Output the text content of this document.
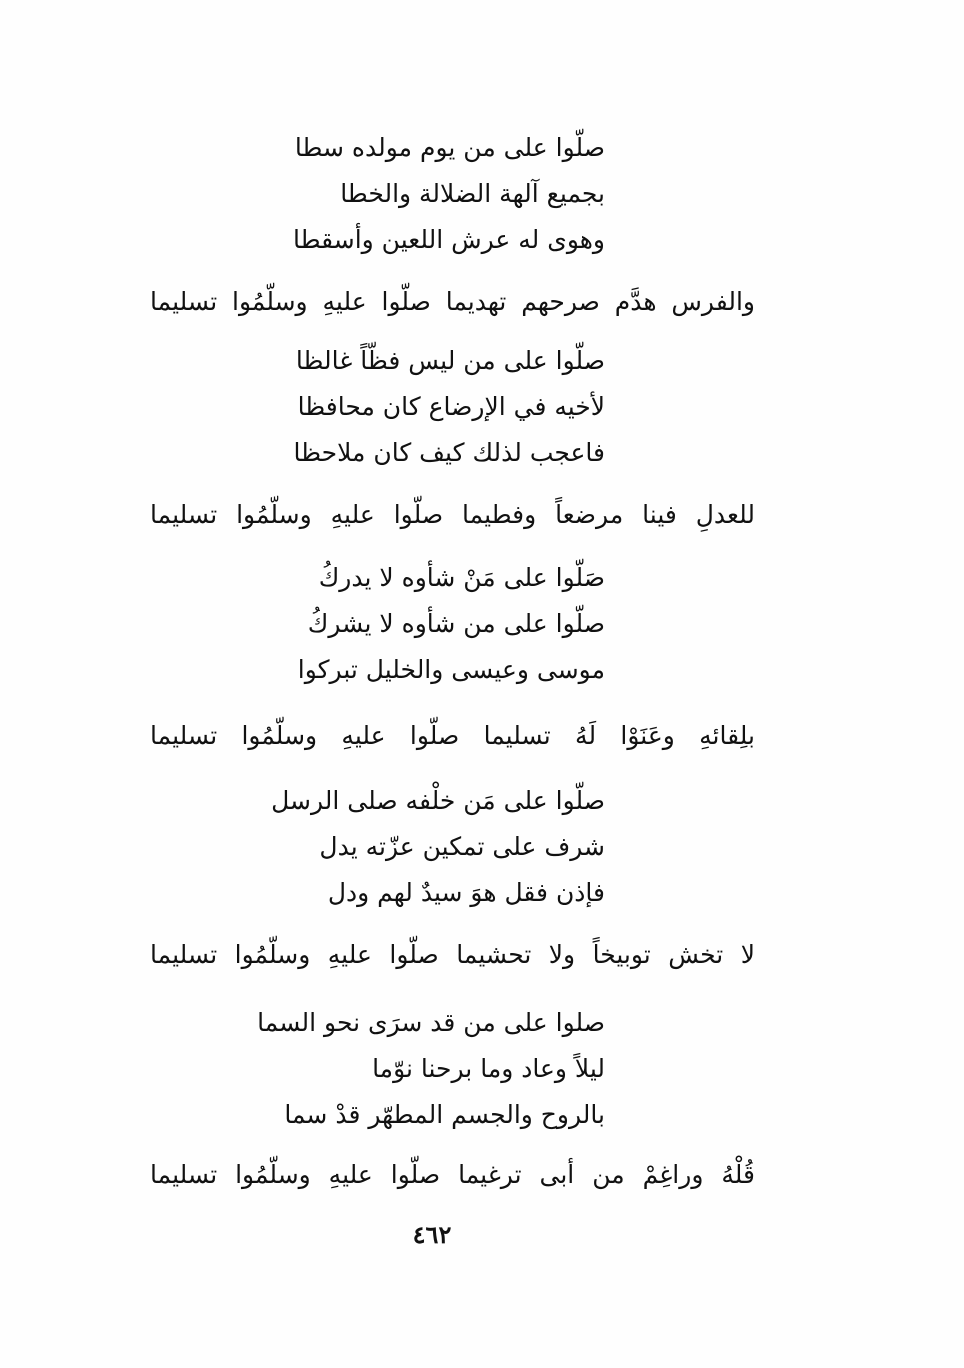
صلّوا على من يوم مولده سطا
بجميع آلهة الضلالة والخطا
وهوى له عرش اللعين وأسقطا
والفرس هدَّم صرحهم تهديما صلّوا عليهِ وسلّمُوا تسليما
صلّوا على من ليس فظّاً غالظا
لأخيه في الإرضاع كان محافظا
فاعجب لذلك كيف كان ملاحظا
للعدلِ فينا مرضعاً وفطيما صلّوا عليهِ وسلّمُوا تسليما
صَلّوا على مَنْ شأوه لا يدركُ
صلّوا على من شأوه لا يشركُ
موسى وعيسى والخليل تبركوا
بلِقائهِ وعَنَوْا لَهُ تسليما صلّوا عليهِ وسلّمُوا تسليما
صلّوا على مَن خلْفه صلى الرسل
شرف على تمكين عزّته يدل
فإذن فقل هوَ سيدٌ لهم ودل
لا تخش توبيخاً ولا تحشيما صلّوا عليهِ وسلّمُوا تسليما
صلوا على من قد سرَى نحو السما
ليلاً وعاد وما برحنا نوّما
بالروح والجسم المطهّر قدْ سما
قُلْهُ وراغِمْ من أبى ترغيما صلّوا عليهِ وسلّمُوا تسليما
٤٦٢
